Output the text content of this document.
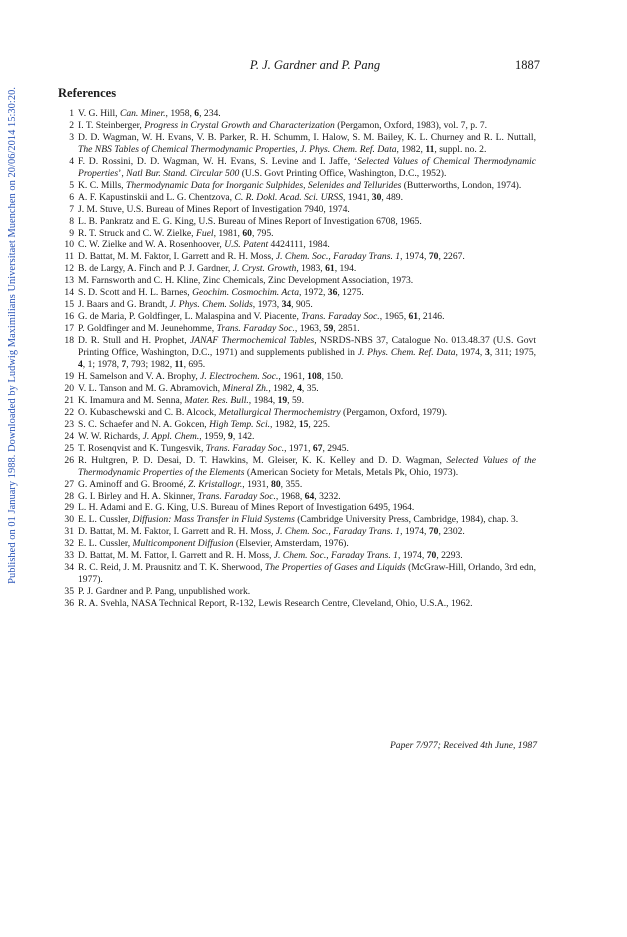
Published on 01 January 1988. Downloaded by Ludwig Maximilians Universitaet Muenchen on 20/06/2014 15:30:20.
P. J. Gardner and P. Pang	1887
References
1 V. G. Hill, Can. Miner., 1958, 6, 234.
2 I. T. Steinberger, Progress in Crystal Growth and Characterization (Pergamon, Oxford, 1983), vol. 7, p. 7.
3 D. D. Wagman, W. H. Evans, V. B. Parker, R. H. Schumm, I. Halow, S. M. Bailey, K. L. Churney and R. L. Nuttall, The NBS Tables of Chemical Thermodynamic Properties, J. Phys. Chem. Ref. Data, 1982, 11, suppl. no. 2.
4 F. D. Rossini, D. D. Wagman, W. H. Evans, S. Levine and I. Jaffe, ‘Selected Values of Chemical Thermodynamic Properties’, Natl Bur. Stand. Circular 500 (U.S. Govt Printing Office, Washington, D.C., 1952).
5 K. C. Mills, Thermodynamic Data for Inorganic Sulphides, Selenides and Tellurides (Butterworths, London, 1974).
6 A. F. Kapustinskii and L. G. Chentzova, C. R. Dokl. Acad. Sci. URSS, 1941, 30, 489.
7 J. M. Stuve, U.S. Bureau of Mines Report of Investigation 7940, 1974.
8 L. B. Pankratz and E. G. King, U.S. Bureau of Mines Report of Investigation 6708, 1965.
9 R. T. Struck and C. W. Zielke, Fuel, 1981, 60, 795.
10 C. W. Zielke and W. A. Rosenhoover, U.S. Patent 4424111, 1984.
11 D. Battat, M. M. Faktor, I. Garrett and R. H. Moss, J. Chem. Soc., Faraday Trans. 1, 1974, 70, 2267.
12 B. de Largy, A. Finch and P. J. Gardner, J. Cryst. Growth, 1983, 61, 194.
13 M. Farnsworth and C. H. Kline, Zinc Chemicals, Zinc Development Association, 1973.
14 S. D. Scott and H. L. Barnes, Geochim. Cosmochim. Acta, 1972, 36, 1275.
15 J. Baars and G. Brandt, J. Phys. Chem. Solids, 1973, 34, 905.
16 G. de Maria, P. Goldfinger, L. Malaspina and V. Piacente, Trans. Faraday Soc., 1965, 61, 2146.
17 P. Goldfinger and M. Jeunehomme, Trans. Faraday Soc., 1963, 59, 2851.
18 D. R. Stull and H. Prophet, JANAF Thermochemical Tables, NSRDS-NBS 37, Catalogue No. 013.48.37 (U.S. Govt Printing Office, Washington, D.C., 1971) and supplements published in J. Phys. Chem. Ref. Data, 1974, 3, 311; 1975, 4, 1; 1978, 7, 793; 1982, 11, 695.
19 H. Samelson and V. A. Brophy, J. Electrochem. Soc., 1961, 108, 150.
20 V. L. Tanson and M. G. Abramovich, Mineral Zh., 1982, 4, 35.
21 K. Imamura and M. Senna, Mater. Res. Bull., 1984, 19, 59.
22 O. Kubaschewski and C. B. Alcock, Metallurgical Thermochemistry (Pergamon, Oxford, 1979).
23 S. C. Schaefer and N. A. Gokcen, High Temp. Sci., 1982, 15, 225.
24 W. W. Richards, J. Appl. Chem., 1959, 9, 142.
25 T. Rosenqvist and K. Tungesvik, Trans. Faraday Soc., 1971, 67, 2945.
26 R. Hultgren, P. D. Desai, D. T. Hawkins, M. Gleiser, K. K. Kelley and D. D. Wagman, Selected Values of the Thermodynamic Properties of the Elements (American Society for Metals, Metals Pk, Ohio, 1973).
27 G. Aminoff and G. Broomé, Z. Kristallogr., 1931, 80, 355.
28 G. I. Birley and H. A. Skinner, Trans. Faraday Soc., 1968, 64, 3232.
29 L. H. Adami and E. G. King, U.S. Bureau of Mines Report of Investigation 6495, 1964.
30 E. L. Cussler, Diffusion: Mass Transfer in Fluid Systems (Cambridge University Press, Cambridge, 1984), chap. 3.
31 D. Battat, M. M. Faktor, I. Garrett and R. H. Moss, J. Chem. Soc., Faraday Trans. 1, 1974, 70, 2302.
32 E. L. Cussler, Multicomponent Diffusion (Elsevier, Amsterdam, 1976).
33 D. Battat, M. M. Fattor, I. Garrett and R. H. Moss, J. Chem. Soc., Faraday Trans. 1, 1974, 70, 2293.
34 R. C. Reid, J. M. Prausnitz and T. K. Sherwood, The Properties of Gases and Liquids (McGraw-Hill, Orlando, 3rd edn, 1977).
35 P. J. Gardner and P. Pang, unpublished work.
36 R. A. Svehla, NASA Technical Report, R-132, Lewis Research Centre, Cleveland, Ohio, U.S.A., 1962.
Paper 7/977; Received 4th June, 1987
